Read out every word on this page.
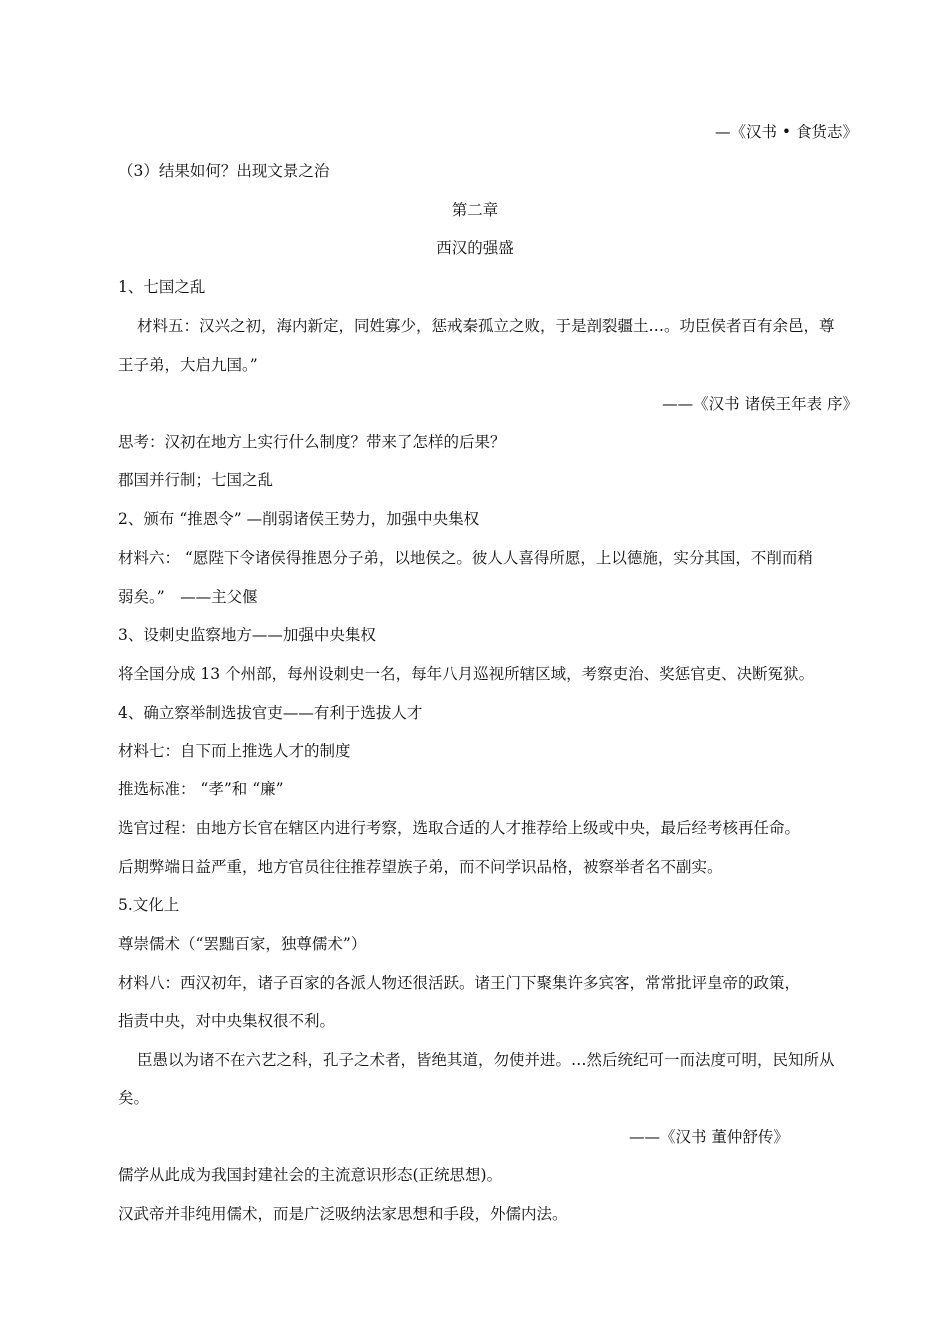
—《汉书 • 食货志》
（3）结果如何？出现文景之治
第二章
西汉的强盛
1、七国之乱
材料五：汉兴之初，海内新定，同姓寡少，惩戒秦孤立之败，于是剖裂疆土…。功臣侯者百有余邑，尊
王子弟，大启九国。”
——《汉书 诸侯王年表 序》
思考：汉初在地方上实行什么制度？带来了怎样的后果？
郡国并行制；七国之乱
2、颁布 “推恩令” —削弱诸侯王势力，加强中央集权
材料六： “愿陛下令诸侯得推恩分子弟，以地侯之。彼人人喜得所愿，上以德施，实分其国，不削而稍
弱矣。”　——主父偃
3、设刺史监察地方——加强中央集权
将全国分成 13 个州部，每州设刺史一名，每年八月巡视所辖区域，考察吏治、奖惩官吏、决断冤狱。
4、确立察举制选拔官吏——有利于选拔人才
材料七：自下而上推选人才的制度
推选标准： “孝”和 “廉”
选官过程：由地方长官在辖区内进行考察，选取合适的人才推荐给上级或中央，最后经考核再任命。
后期弊端日益严重，地方官员往往推荐望族子弟，而不问学识品格，被察举者名不副实。
5.文化上
尊崇儒术（“罢黜百家，独尊儒术”）
材料八：西汉初年，诸子百家的各派人物还很活跃。诸王门下聚集许多宾客，常常批评皇帝的政策，
指责中央，对中央集权很不利。
臣愚以为诸不在六艺之科，孔子之术者，皆绝其道，勿使并进。…然后统纪可一而法度可明，民知所从
矣。
——《汉书 董仲舒传》
儒学从此成为我国封建社会的主流意识形态(正统思想)。
汉武帝并非纯用儒术，而是广泛吸纳法家思想和手段，外儒内法。
